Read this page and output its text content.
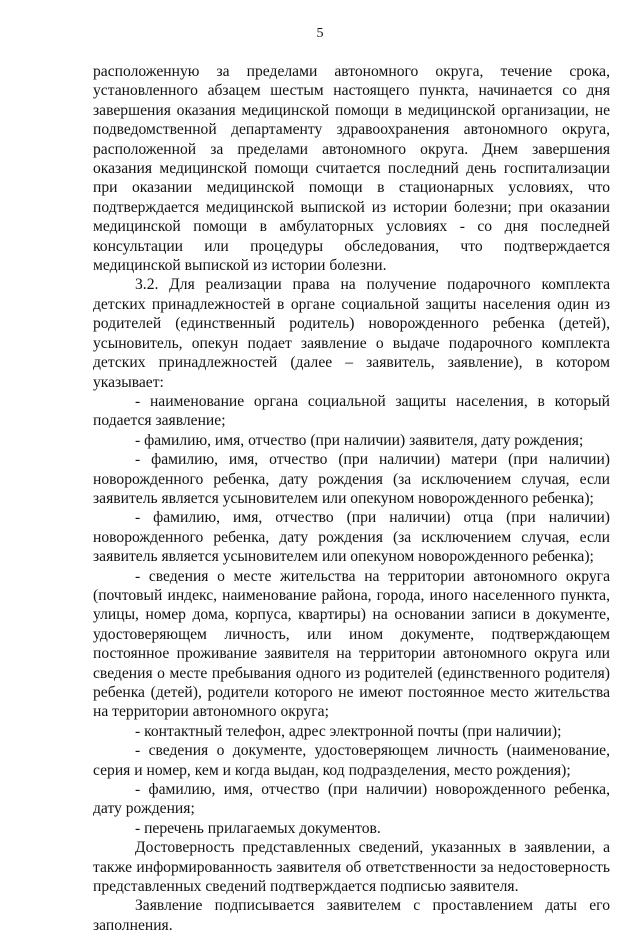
5

расположенную за пределами автономного округа, течение срока, установленного абзацем шестым настоящего пункта, начинается со дня завершения оказания медицинской помощи в медицинской организации, не подведомственной департаменту здравоохранения автономного округа, расположенной за пределами автономного округа. Днем завершения оказания медицинской помощи считается последний день госпитализации при оказании медицинской помощи в стационарных условиях, что подтверждается медицинской выпиской из истории болезни; при оказании медицинской помощи в амбулаторных условиях - со дня последней консультации или процедуры обследования, что подтверждается медицинской выпиской из истории болезни.

3.2. Для реализации права на получение подарочного комплекта детских принадлежностей в органе социальной защиты населения один из родителей (единственный родитель) новорожденного ребенка (детей), усыновитель, опекун подает заявление о выдаче подарочного комплекта детских принадлежностей (далее – заявитель, заявление), в котором указывает:

- наименование органа социальной защиты населения, в который подается заявление;

- фамилию, имя, отчество (при наличии) заявителя, дату рождения;

- фамилию, имя, отчество (при наличии) матери (при наличии) новорожденного ребенка, дату рождения (за исключением случая, если заявитель является усыновителем или опекуном новорожденного ребенка);

- фамилию, имя, отчество (при наличии) отца (при наличии) новорожденного ребенка, дату рождения (за исключением случая, если заявитель является усыновителем или опекуном новорожденного ребенка);

- сведения о месте жительства на территории автономного округа (почтовый индекс, наименование района, города, иного населенного пункта, улицы, номер дома, корпуса, квартиры) на основании записи в документе, удостоверяющем личность, или ином документе, подтверждающем постоянное проживание заявителя на территории автономного округа или сведения о месте пребывания одного из родителей (единственного родителя) ребенка (детей), родители которого не имеют постоянное место жительства на территории автономного округа;

- контактный телефон, адрес электронной почты (при наличии);

- сведения о документе, удостоверяющем личность (наименование, серия и номер, кем и когда выдан, код подразделения, место рождения);

- фамилию, имя, отчество (при наличии) новорожденного ребенка, дату рождения;

- перечень прилагаемых документов.

Достоверность представленных сведений, указанных в заявлении, а также информированность заявителя об ответственности за недостоверность представленных сведений подтверждается подписью заявителя.

Заявление подписывается заявителем с проставлением даты его заполнения.
